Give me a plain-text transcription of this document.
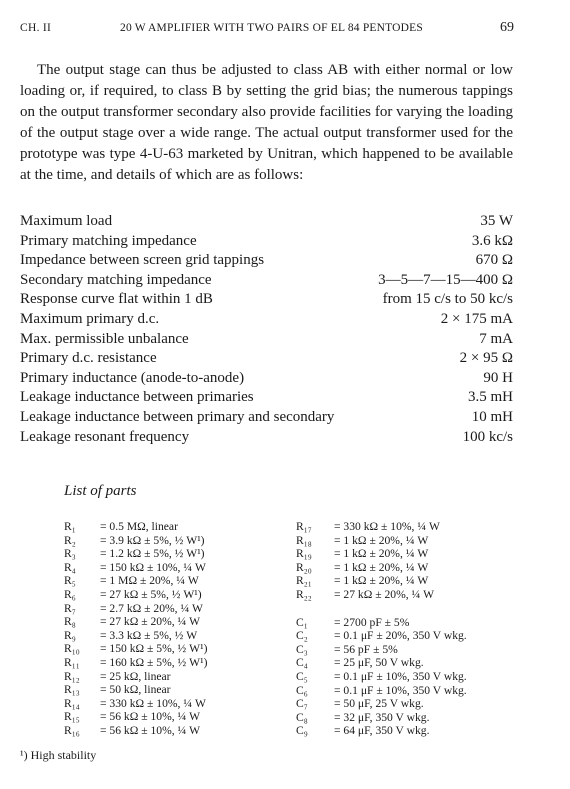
CH. II	20 W AMPLIFIER WITH TWO PAIRS OF EL 84 PENTODES	69

The output stage can thus be adjusted to class AB with either normal or low loading or, if required, to class B by setting the grid bias; the numerous tappings on the output transformer secondary also provide facilities for varying the loading of the output stage over a wide range. The actual output transformer used for the prototype was type 4-U-63 marketed by Unitran, which happened to be available at the time, and details of which are as follows:

Maximum load	35 W
Primary matching impedance	3.6 kΩ
Impedance between screen grid tappings	670 Ω
Secondary matching impedance	3—5—7—15—400 Ω
Response curve flat within 1 dB	from 15 c/s to 50 kc/s
Maximum primary d.c.	2 × 175 mA
Max. permissible unbalance	7 mA
Primary d.c. resistance	2 × 95 Ω
Primary inductance (anode-to-anode)	90 H
Leakage inductance between primaries	3.5 mH
Leakage inductance between primary and secondary	10 mH
Leakage resonant frequency	100 kc/s
List of parts
R₁	= 0.5 MΩ, linear
R₂	= 3.9 kΩ ± 5%, ½ W¹)
R₃	= 1.2 kΩ ± 5%, ½ W¹)
R₄	= 150 kΩ ± 10%, ¼ W
R₅	= 1 MΩ ± 20%, ¼ W
R₆	= 27 kΩ ± 5%, ½ W¹)
R₇	= 2.7 kΩ ± 20%, ¼ W
R₈	= 27 kΩ ± 20%, ¼ W
R₉	= 3.3 kΩ ± 5%, ½ W
R₁₀	= 150 kΩ ± 5%, ½ W¹)
R₁₁	= 160 kΩ ± 5%, ½ W¹)
R₁₂	= 25 kΩ, linear
R₁₃	= 50 kΩ, linear
R₁₄	= 330 kΩ ± 10%, ¼ W
R₁₅	= 56 kΩ ± 10%, ¼ W
R₁₆	= 56 kΩ ± 10%, ¼ W
R₁₇	= 330 kΩ ± 10%, ¼ W
R₁₈	= 1 kΩ ± 20%, ¼ W
R₁₉	= 1 kΩ ± 20%, ¼ W
R₂₀	= 1 kΩ ± 20%, ¼ W
R₂₁	= 1 kΩ ± 20%, ¼ W
R₂₂	= 27 kΩ ± 20%, ¼ W
C₁	= 2700 pF ± 5%
C₂	= 0.1 μF ± 20%, 350 V wkg.
C₃	= 56 pF ± 5%
C₄	= 25 μF, 50 V wkg.
C₅	= 0.1 μF ± 10%, 350 V wkg.
C₆	= 0.1 μF ± 10%, 350 V wkg.
C₇	= 50 μF, 25 V wkg.
C₈	= 32 μF, 350 V wkg.
C₉	= 64 μF, 350 V wkg.
¹) High stability
